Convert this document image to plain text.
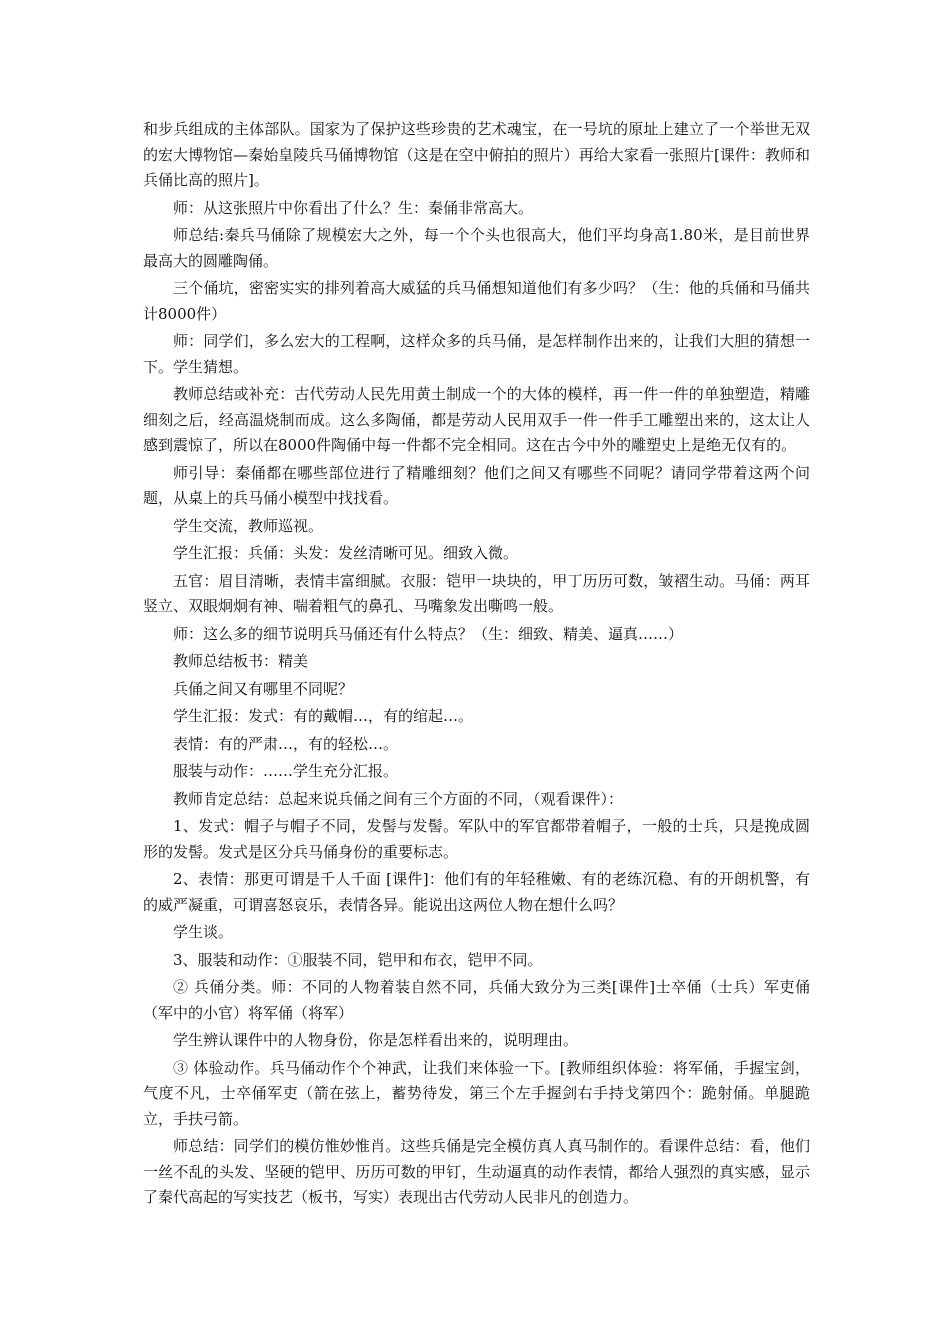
和步兵组成的主体部队。国家为了保护这些珍贵的艺术魂宝，在一号坑的原址上建立了一个举世无双的宏大博物馆—秦始皇陵兵马俑博物馆（这是在空中俯拍的照片）再给大家看一张照片[课件：教师和兵俑比高的照片]。

师：从这张照片中你看出了什么？生：秦俑非常高大。

师总结:秦兵马俑除了规模宏大之外，每一个个头也很高大，他们平均身高1.80米，是目前世界最高大的圆雕陶俑。

三个俑坑，密密实实的排列着高大威猛的兵马俑想知道他们有多少吗？（生：他的兵俑和马俑共计8000件）

师：同学们，多么宏大的工程啊，这样众多的兵马俑，是怎样制作出来的，让我们大胆的猜想一下。学生猜想。

教师总结或补充：古代劳动人民先用黄土制成一个的大体的模样，再一件一件的单独塑造，精雕细刻之后，经高温烧制而成。这么多陶俑，都是劳动人民用双手一件一件手工雕塑出来的，这太让人感到震惊了，所以在8000件陶俑中每一件都不完全相同。这在古今中外的雕塑史上是绝无仅有的。

师引导：秦俑都在哪些部位进行了精雕细刻？他们之间又有哪些不同呢？请同学带着这两个问题，从桌上的兵马俑小模型中找找看。

学生交流，教师巡视。

学生汇报：兵俑：头发：发丝清晰可见。细致入微。

五官：眉目清晰，表情丰富细腻。衣服：铠甲一块块的，甲丁历历可数，皱褶生动。马俑：两耳竖立、双眼炯炯有神、喘着粗气的鼻孔、马嘴象发出嘶鸣一般。

师：这么多的细节说明兵马俑还有什么特点？（生：细致、精美、逼真……）

教师总结板书：精美

兵俑之间又有哪里不同呢？

学生汇报：发式：有的戴帽…，有的绾起…。

表情：有的严肃…，有的轻松…。

服装与动作：……学生充分汇报。

教师肯定总结：总起来说兵俑之间有三个方面的不同，（观看课件）：

1、发式：帽子与帽子不同，发髻与发髻。军队中的军官都带着帽子，一般的士兵，只是挽成圆形的发髻。发式是区分兵马俑身份的重要标志。

2、表情：那更可谓是千人千面 [课件]：他们有的年轻稚嫩、有的老练沉稳、有的开朗机警，有的威严凝重，可谓喜怒哀乐，表情各异。能说出这两位人物在想什么吗？

学生谈。

3、服装和动作：①服装不同，铠甲和布衣，铠甲不同。

② 兵俑分类。师：不同的人物着装自然不同，兵俑大致分为三类[课件]士卒俑（士兵）军吏俑（军中的小官）将军俑（将军）

学生辨认课件中的人物身份，你是怎样看出来的，说明理由。

③ 体验动作。兵马俑动作个个神武，让我们来体验一下。[教师组织体验：将军俑，手握宝剑，气度不凡，士卒俑军吏（箭在弦上，蓄势待发，第三个左手握剑右手持戈第四个：跪射俑。单腿跪立，手扶弓箭。

师总结：同学们的模仿惟妙惟肖。这些兵俑是完全模仿真人真马制作的。看课件总结：看，他们一丝不乱的头发、坚硬的铠甲、历历可数的甲钉，生动逼真的动作表情，都给人强烈的真实感，显示了秦代高起的写实技艺（板书，写实）表现出古代劳动人民非凡的创造力。
